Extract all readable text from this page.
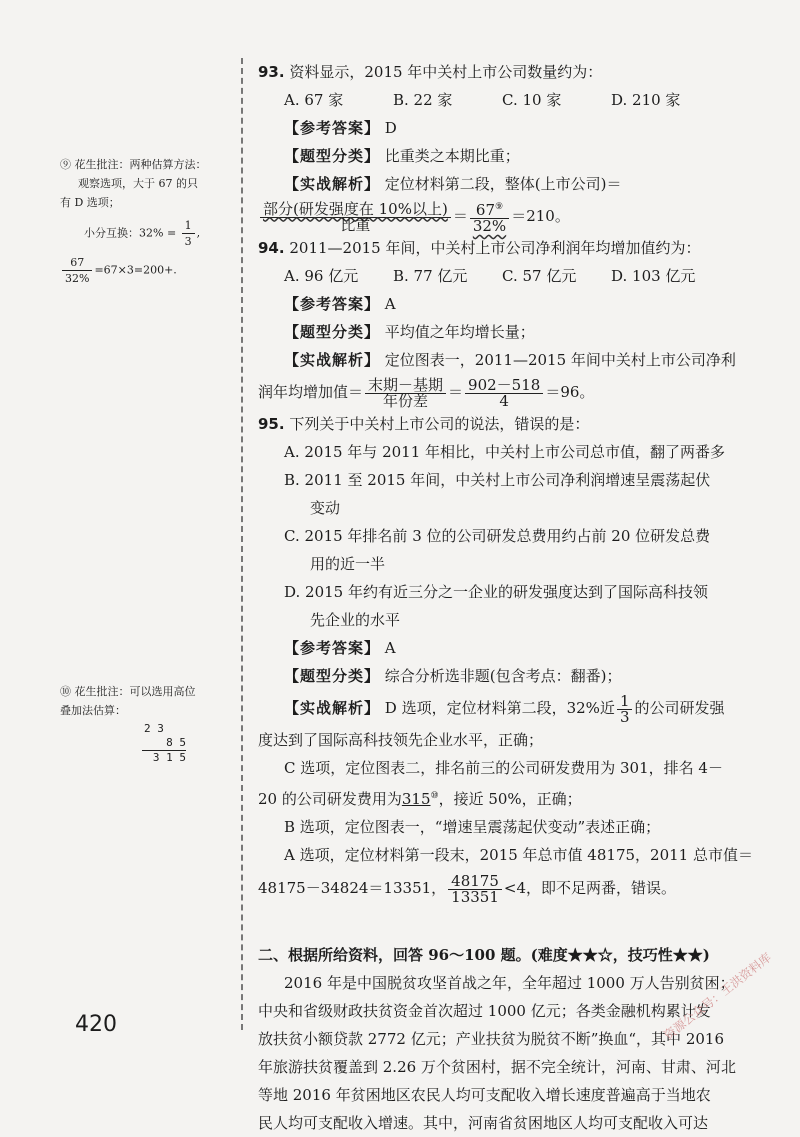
⑨ 花生批注：两种估算方法：
观察选项，大于 67 的只
有 D 选项；
小分互换：$32\% = \frac{1}{3}$ ,
$\frac{67}{32\%} =67\times 3=200+$.
⑩ 花生批注：可以选用高位
叠加法估算：
2 3
8 5
3 1 5
93. 资料显示，2015 年中关村上市公司数量约为：
A. 67 家	B. 22 家	C. 10 家	D. 210 家
【参考答案】 D
【题型分类】 比重类之本期比重；
【实战解析】 定位材料第二段，整体(上市公司)＝
$\frac{\text{部分(研发强度在 10\%以上)}}{\text{比重}} = \frac{67^⑨}{32\%} =210$。
94. 2011—2015 年间，中关村上市公司净利润年均增加值约为：
A. 96 亿元	B. 77 亿元	C. 57 亿元	D. 103 亿元
【参考答案】 A
【题型分类】 平均值之年均增长量；
【实战解析】 定位图表一，2011—2015 年间中关村上市公司净利
润年均增加值＝ $\frac{\text{末期－基期}}{\text{年份差}} = \frac{902-518}{4} =96$。
95. 下列关于中关村上市公司的说法，错误的是：
A. 2015 年与 2011 年相比，中关村上市公司总市值，翻了两番多
B. 2011 至 2015 年间，中关村上市公司净利润增速呈震荡起伏
变动
C. 2015 年排名前 3 位的公司研发总费用约占前 20 位研发总费
用的近一半
D. 2015 年约有近三分之一企业的研发强度达到了国际高科技领
先企业的水平
【参考答案】 A
【题型分类】 综合分析选非题(包含考点：翻番)；
【实战解析】 D 选项，定位材料第二段，32%近 $\frac{1}{3}$ 的公司研发强
度达到了国际高科技领先企业水平，正确；
C 选项，定位图表二，排名前三的公司研发费用为 301，排名 4－
20 的公司研发费用为315⑩，接近 50%，正确；
B 选项，定位图表一，“增速呈震荡起伏变动”表述正确；
A 选项，定位材料第一段末，2015 年总市值 48175，2011 总市值＝
48175－34824＝13351， $\frac{48175}{13351} <4$，即不足两番，错误。
二、根据所给资料，回答 96～100 题。(难度★★☆，技巧性★★)
2016 年是中国脱贫攻坚首战之年，全年超过 1000 万人告别贫困；
中央和省级财政扶贫资金首次超过 1000 亿元；各类金融机构累计发
放扶贫小额贷款 2772 亿元；产业扶贫为脱贫不断”换血“，其中 2016
年旅游扶贫覆盖到 2.26 万个贫困村，据不完全统计，河南、甘肃、河北
等地 2016 年贫困地区农民人均可支配收入增长速度普遍高于当地农
民人均可支配收入增速。其中，河南省贫困地区人均可支配收入可达
420	资源公众号：王洪资料库
